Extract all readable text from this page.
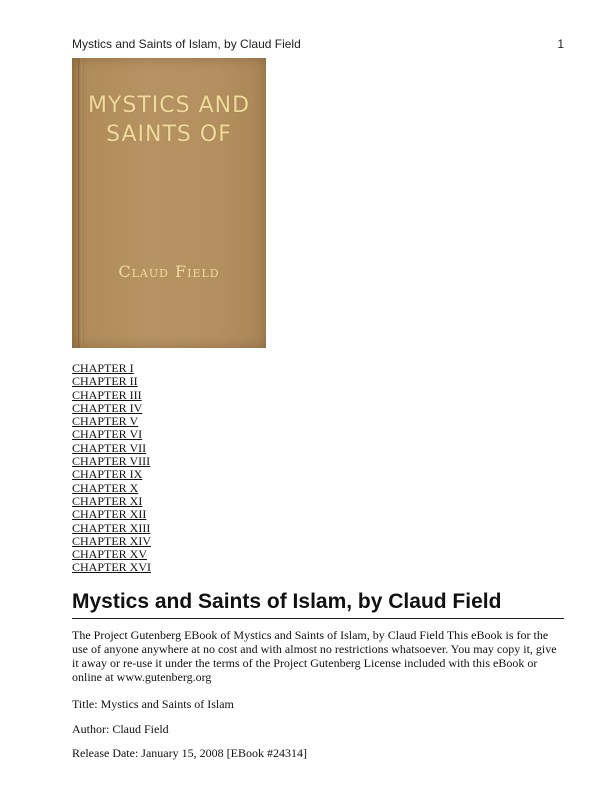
Mystics and Saints of Islam, by Claud Field	1
MYSTICS AND
SAINTS OF
Claud Field
CHAPTER I
CHAPTER II
CHAPTER III
CHAPTER IV
CHAPTER V
CHAPTER VI
CHAPTER VII
CHAPTER VIII
CHAPTER IX
CHAPTER X
CHAPTER XI
CHAPTER XII
CHAPTER XIII
CHAPTER XIV
CHAPTER XV
CHAPTER XVI
Mystics and Saints of Islam, by Claud Field

The Project Gutenberg EBook of Mystics and Saints of Islam, by Claud Field This eBook is for the use of anyone anywhere at no cost and with almost no restrictions whatsoever. You may copy it, give it away or re-use it under the terms of the Project Gutenberg License included with this eBook or online at www.gutenberg.org

Title: Mystics and Saints of Islam

Author: Claud Field

Release Date: January 15, 2008 [EBook #24314]
